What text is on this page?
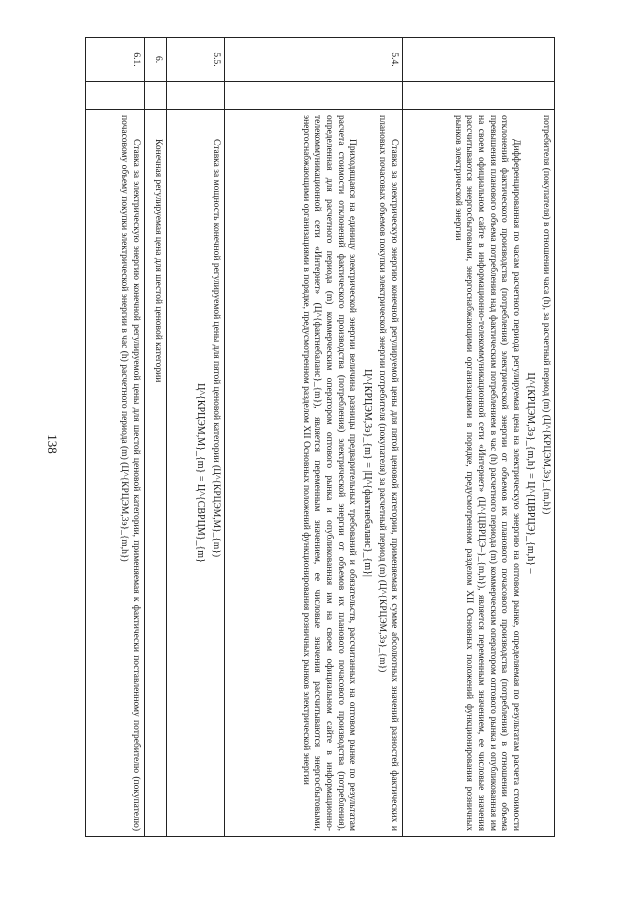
138

		потребителя (покупателя) в отношении часа (h), за расчетный период (m) (Ц^{КРЦЭМ,3э}_{m,h})

Ц^{КРЦЭМ,3э}_{m,h} = Ц^{ЦВРЦЭ}_{m,h} –

Дифференцированная по часам расчетного периода регулируемая цена на электрическую энергию на оптовом рынке, определяемая по результатам расчета стоимости отклонений фактического производства (потребления) электрической энергии от объемов их планового почасового производства (потребления) в отношении объема превышения планового объема потребления над фактическим потреблением в час (h) расчетного периода (m) коммерческим оператором оптового рынка и опубликованная им на своем официальном сайте в информационно-телекоммуникационной сети «Интернет» (Ц^{ЦВРЦЭ–}_{m,h}), является переменным значением, ее числовые значения рассчитываются энергосбытовыми, энергоснабжающими организациями в порядке, предусмотренном разделом XII Основных положений функционирования розничных рынков электрической энергии

5.4.		Ставка за электрическую энергию конечной регулируемой цены для пятой ценовой категории, применяемая к сумме абсолютных значений разностей фактических и плановых почасовых объемов покупки электрической энергии потребителя (покупателя) за расчетный период (m) (Ц^{КРЦЭМ,3э}_{m})

Ц^{КРЦЭМ,3э}_{m} = |Ц^{фактнебаланс}_{m}|

Приходящаяся на единицу электрической энергии величина разницы предварительных требований и обязательств, рассчитанных на оптовом рынке по результатам расчета стоимости отклонений фактического производства (потребления) электрической энергии от объемов их планового почасового производства (потребления), определенная для расчетного периода (m) коммерческим оператором оптового рынка и опубликованная им на своем официальном сайте в информационно-телекоммуникационной сети «Интернет» (Ц^{фактнебаланс}_{m}), является переменным значением, ее числовые значения рассчитываются энергосбытовыми, энергоснабжающими организациями в порядке, предусмотренном разделом XII Основных положений функционирования розничных рынков электрической энергии

5.5.		Ставка за мощность конечной регулируемой цены для пятой ценовой категории (Ц^{КРЦЭМ,М}_{m})

Ц^{КРЦЭМ,М}_{m} = Ц^{СВРЦМ}_{m}

6.		Конечная регулируемая цена для шестой ценовой категории

6.1.		Ставка за электрическую энергию конечной регулируемой цены для шестой ценовой категории, применяемая к фактически поставленному потребителю (покупателю) почасовому объему покупки электрической энергии в час (h) расчетного периода (m) (Ц^{КРЦЭМ,3э}_{m,h})
